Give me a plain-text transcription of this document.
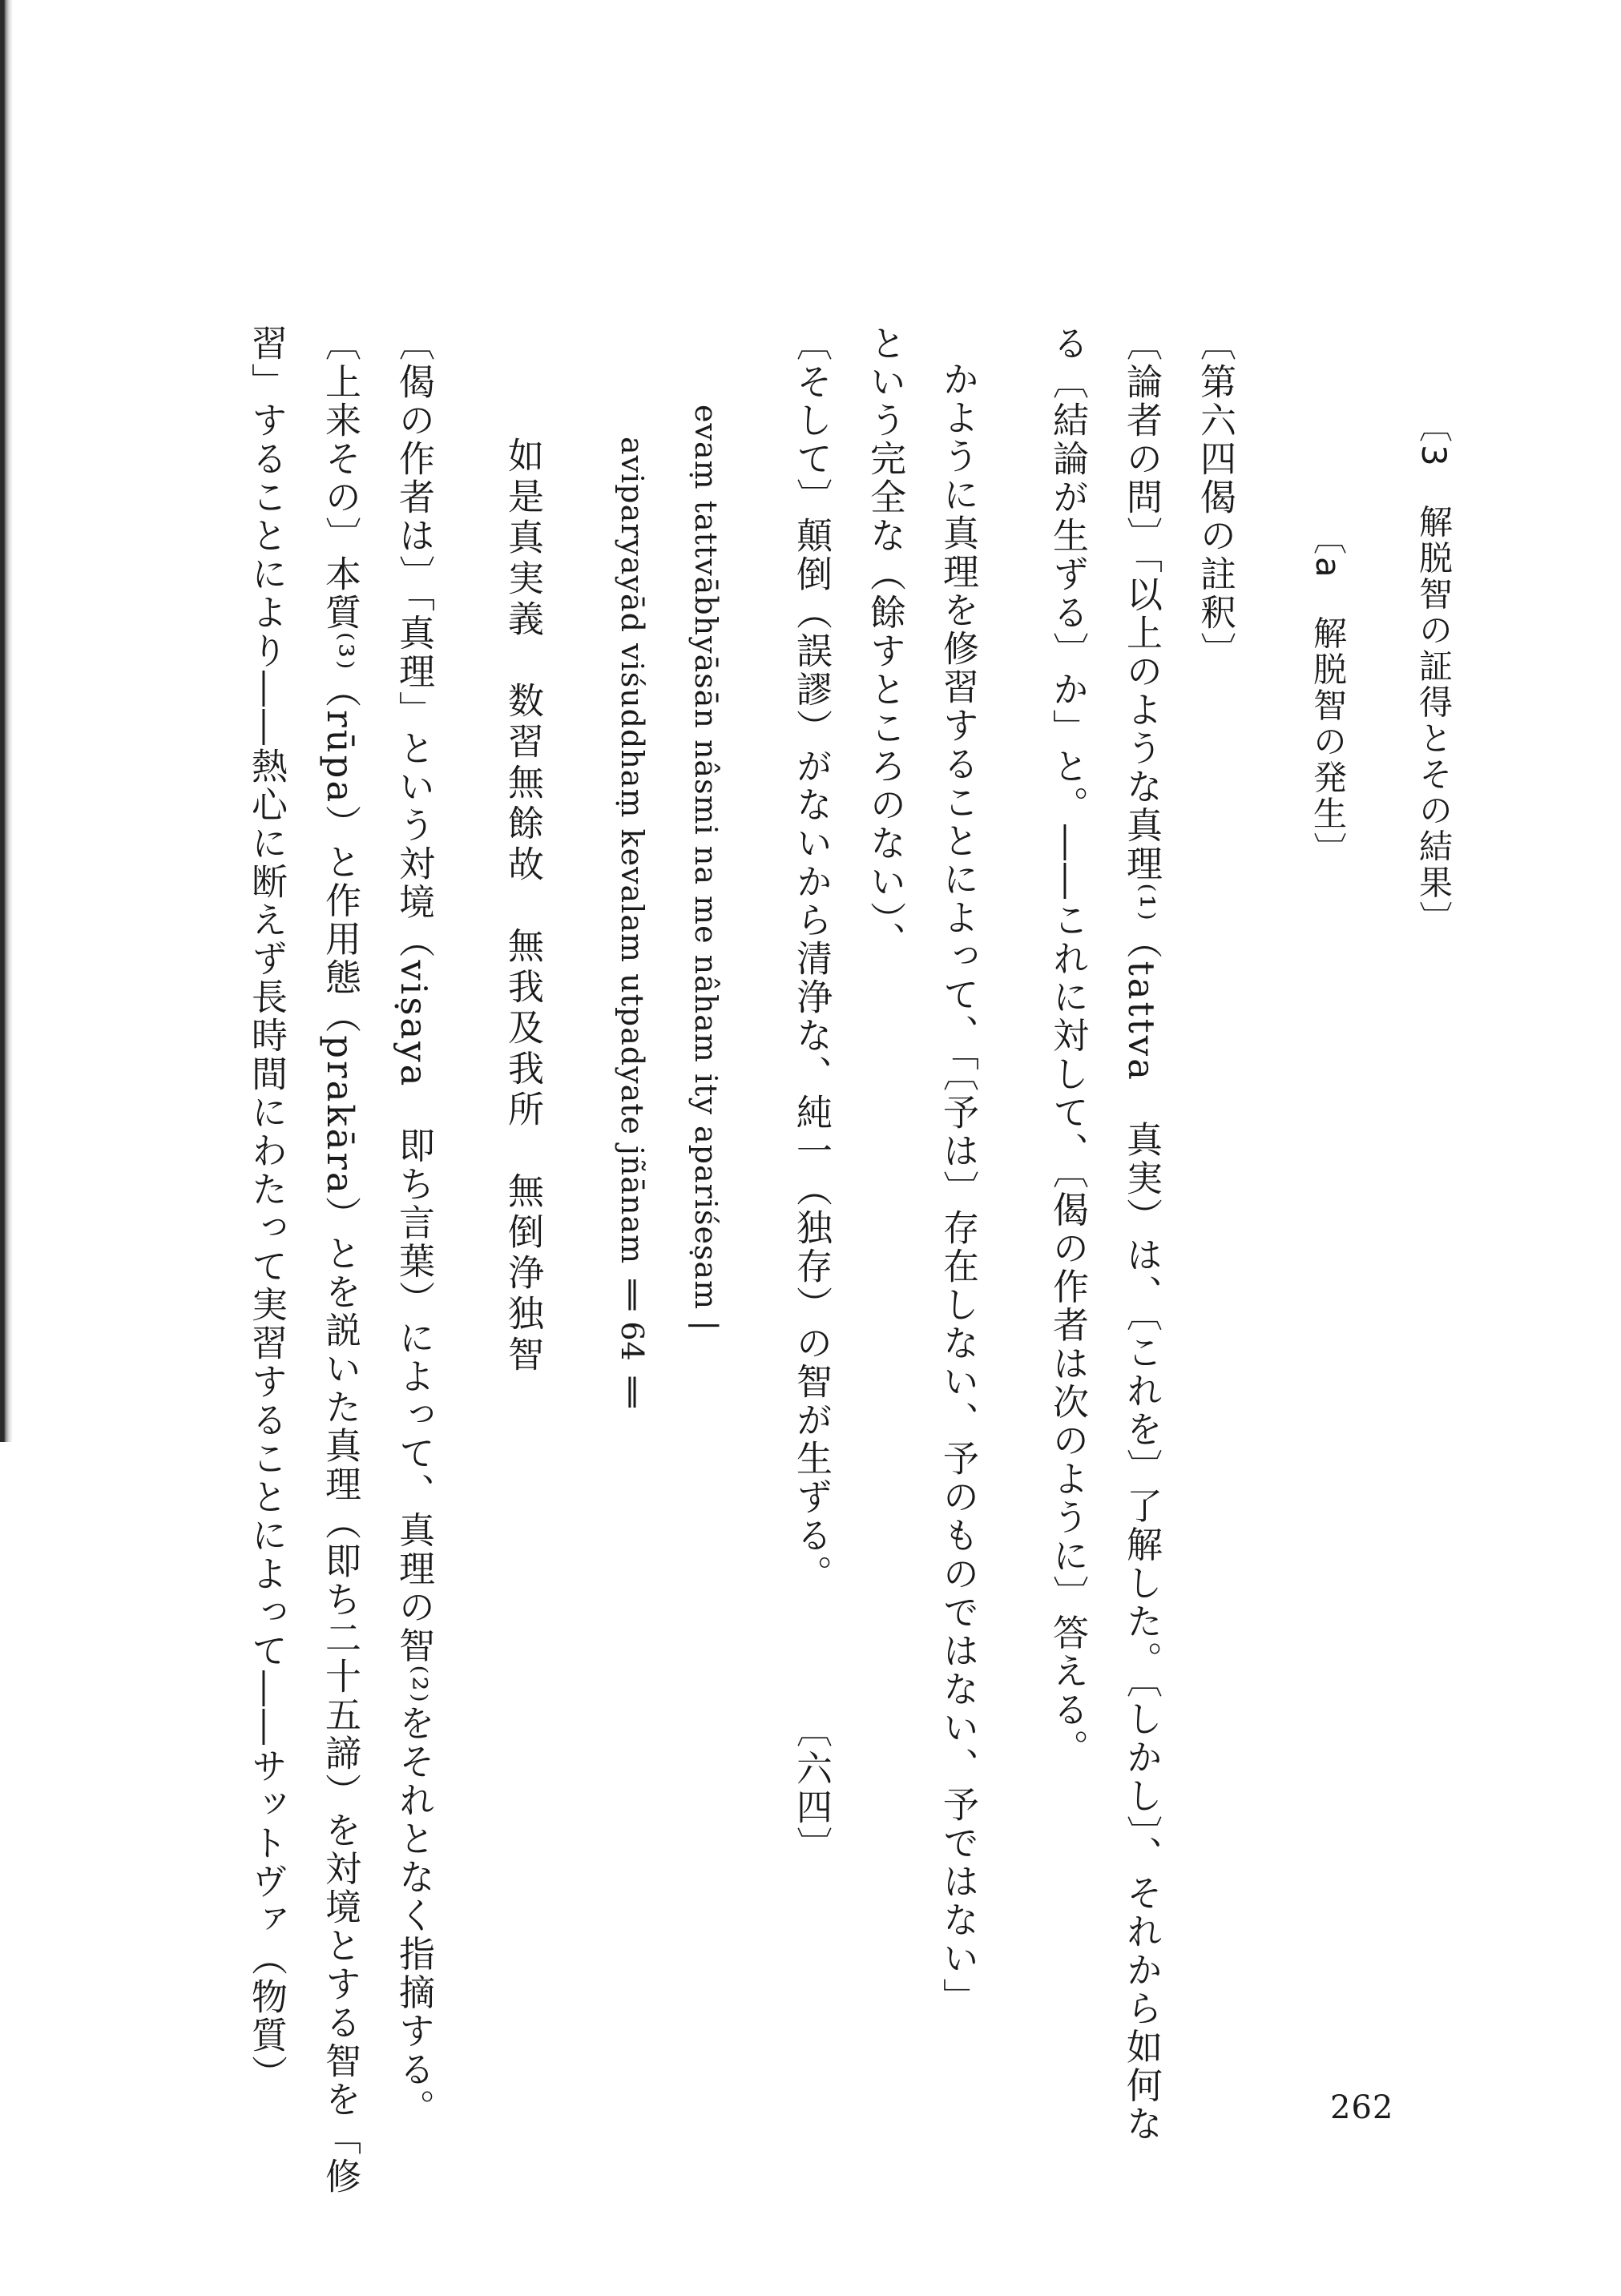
〔3　解脱智の証得とその結果〕
〔a　解脱智の発生〕
〔第六四偈の註釈〕
〔論者の問〕「以上のような真理⁽¹⁾（tattva　真実）は、〔これを〕了解した。〔しかし〕、それから如何な
る〔結論が生ずる〕か」と。――これに対して、〔偈の作者は次のように〕答える。
かように真理を修習することによって、「〔予は〕存在しない、予のものではない、予ではない」
という完全な（餘すところのない）、
〔そして〕顛倒（誤謬）がないから清浄な、純一（独存）の智が生ずる。　　　　〔六四〕
evaṃ tattvābhyāsān nâsmi na me nâham ity apariśeṣam |
aviparyayād viśuddhaṃ kevalam utpadyate jñānam ‖ 64 ‖
如是真実義　数習無餘故　無我及我所　無倒浄独智
〔偈の作者は〕「真理」という対境（viṣaya　即ち言葉）によって、真理の智⁽²⁾をそれとなく指摘する。
〔上来その〕本質⁽³⁾（rūpa）と作用態（prakāra）とを説いた真理（即ち二十五諦）を対境とする智を「修
習」することにより――熱心に断えず長時間にわたって実習することによって――サットヴァ（物質）
262
